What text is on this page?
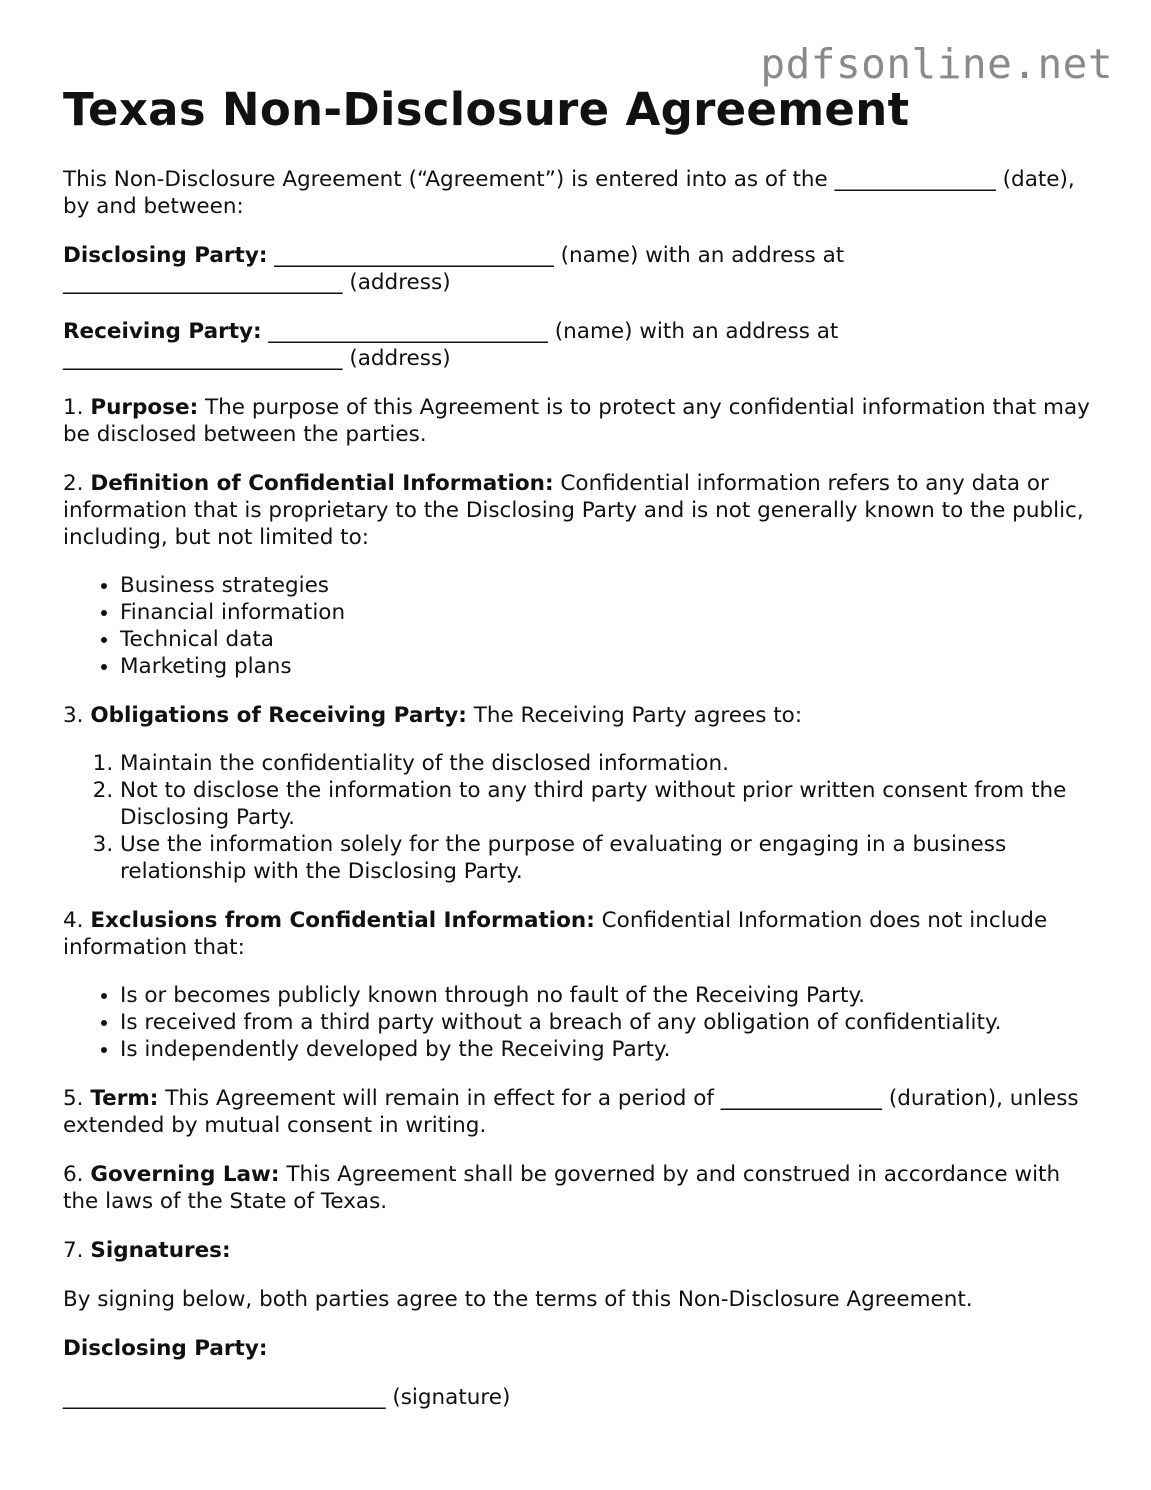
pdfsonline.net
Texas Non-Disclosure Agreement

This Non-Disclosure Agreement (“Agreement”) is entered into as of the _______________ (date), by and between:

Disclosing Party: __________________________ (name) with an address at __________________________ (address)

Receiving Party: __________________________ (name) with an address at __________________________ (address)

1. Purpose: The purpose of this Agreement is to protect any confidential information that may be disclosed between the parties.

2. Definition of Confidential Information: Confidential information refers to any data or information that is proprietary to the Disclosing Party and is not generally known to the public, including, but not limited to:

• Business strategies
• Financial information
• Technical data
• Marketing plans

3. Obligations of Receiving Party: The Receiving Party agrees to:

1. Maintain the confidentiality of the disclosed information.
2. Not to disclose the information to any third party without prior written consent from the Disclosing Party.
3. Use the information solely for the purpose of evaluating or engaging in a business relationship with the Disclosing Party.

4. Exclusions from Confidential Information: Confidential Information does not include information that:

• Is or becomes publicly known through no fault of the Receiving Party.
• Is received from a third party without a breach of any obligation of confidentiality.
• Is independently developed by the Receiving Party.

5. Term: This Agreement will remain in effect for a period of _______________ (duration), unless extended by mutual consent in writing.

6. Governing Law: This Agreement shall be governed by and construed in accordance with the laws of the State of Texas.

7. Signatures:

By signing below, both parties agree to the terms of this Non-Disclosure Agreement.

Disclosing Party:

______________________________ (signature)
